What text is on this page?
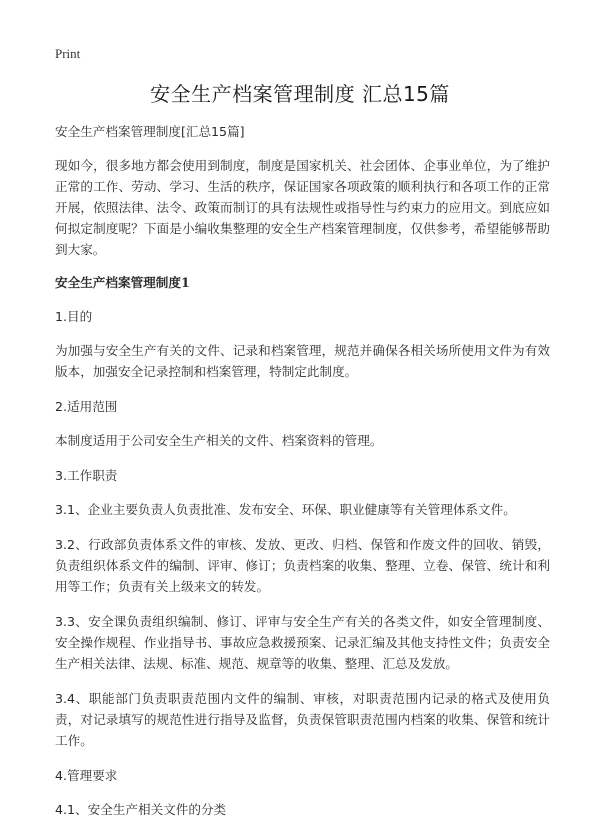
Print
安全生产档案管理制度 汇总15篇

安全生产档案管理制度[汇总15篇]

现如今，很多地方都会使用到制度，制度是国家机关、社会团体、企事业单位，为了维护正常的工作、劳动、学习、生活的秩序，保证国家各项政策的顺利执行和各项工作的正常开展，依照法律、法令、政策而制订的具有法规性或指导性与约束力的应用文。到底应如何拟定制度呢？下面是小编收集整理的安全生产档案管理制度，仅供参考，希望能够帮助到大家。

安全生产档案管理制度1

1.目的

为加强与安全生产有关的文件、记录和档案管理，规范并确保各相关场所使用文件为有效版本，加强安全记录控制和档案管理，特制定此制度。

2.适用范围

本制度适用于公司安全生产相关的文件、档案资料的管理。

3.工作职责

3.1、企业主要负责人负责批准、发布安全、环保、职业健康等有关管理体系文件。

3.2、行政部负责体系文件的审核、发放、更改、归档、保管和作废文件的回收、销毁，负责组织体系文件的编制、评审、修订；负责档案的收集、整理、立卷、保管、统计和利用等工作；负责有关上级来文的转发。

3.3、安全课负责组织编制、修订、评审与安全生产有关的各类文件，如安全管理制度、安全操作规程、作业指导书、事故应急救援预案、记录汇编及其他支持性文件；负责安全生产相关法律、法规、标准、规范、规章等的收集、整理、汇总及发放。

3.4、职能部门负责职责范围内文件的编制、审核，对职责范围内记录的格式及使用负责，对记录填写的规范性进行指导及监督，负责保管职责范围内档案的收集、保管和统计工作。

4.管理要求

4.1、安全生产相关文件的分类
